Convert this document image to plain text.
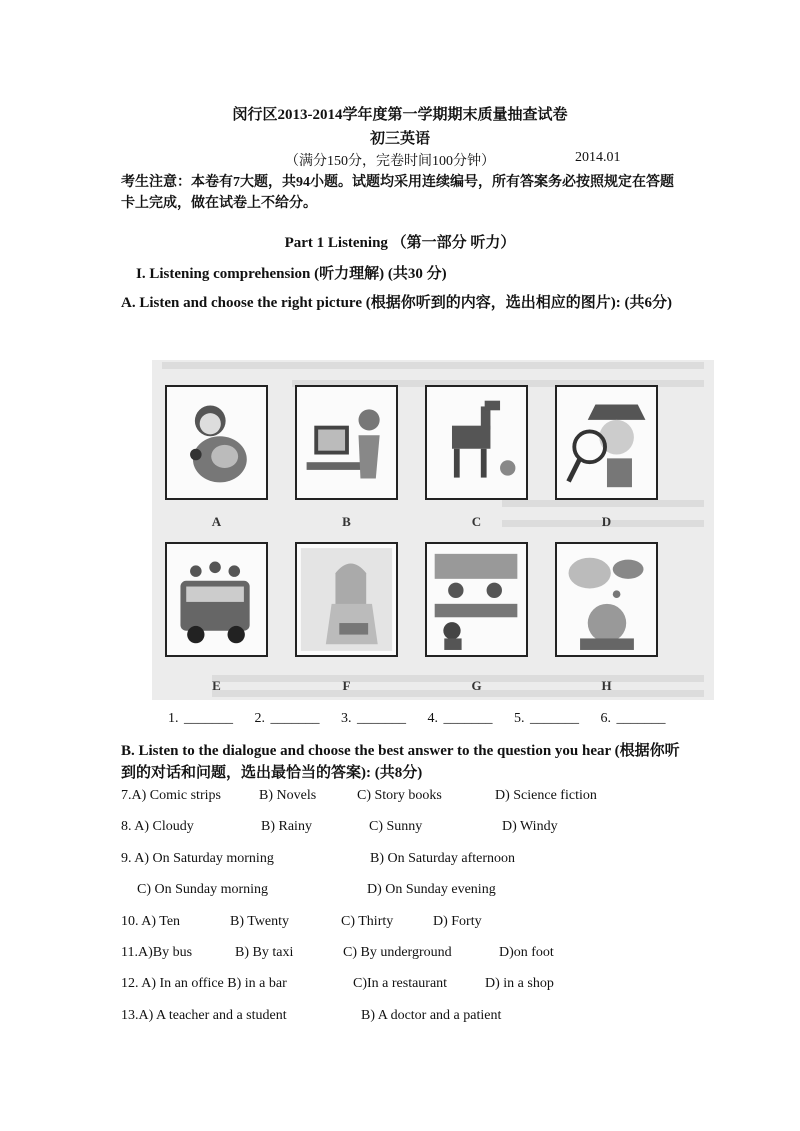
闵行区2013-2014学年度第一学期期末质量抽查试卷
初三英语
（满分150分，完卷时间100分钟）	2014.01
考生注意：本卷有7大题，共94小题。试题均采用连续编号，所有答案务必按照规定在答题卡上完成，做在试卷上不给分。
Part 1 Listening （第一部分 听力）
I. Listening comprehension (听力理解) (共30 分)
A. Listen and choose the right picture (根据你听到的内容，选出相应的图片): (共6分)
A	B	C	D
E	F	G	H
1. _______ 2. _______ 3. _______ 4. _______ 5. _______ 6. _______
B. Listen to the dialogue and choose the best answer to the question you hear (根据你听到的对话和问题，选出最恰当的答案): (共8分)
7.A) Comic strips	B) Novels	C) Story books	D) Science fiction
8. A) Cloudy	B) Rainy	C) Sunny	D) Windy
9. A) On Saturday morning	B) On Saturday afternoon
C) On Sunday morning	D) On Sunday evening
10. A) Ten	B) Twenty	C) Thirty	D) Forty
11.A)By bus	B) By taxi	C) By underground	D)on foot
12. A) In an office B) in a bar	C)In a restaurant	D) in a shop
13.A) A teacher and a student	B) A doctor and a patient
